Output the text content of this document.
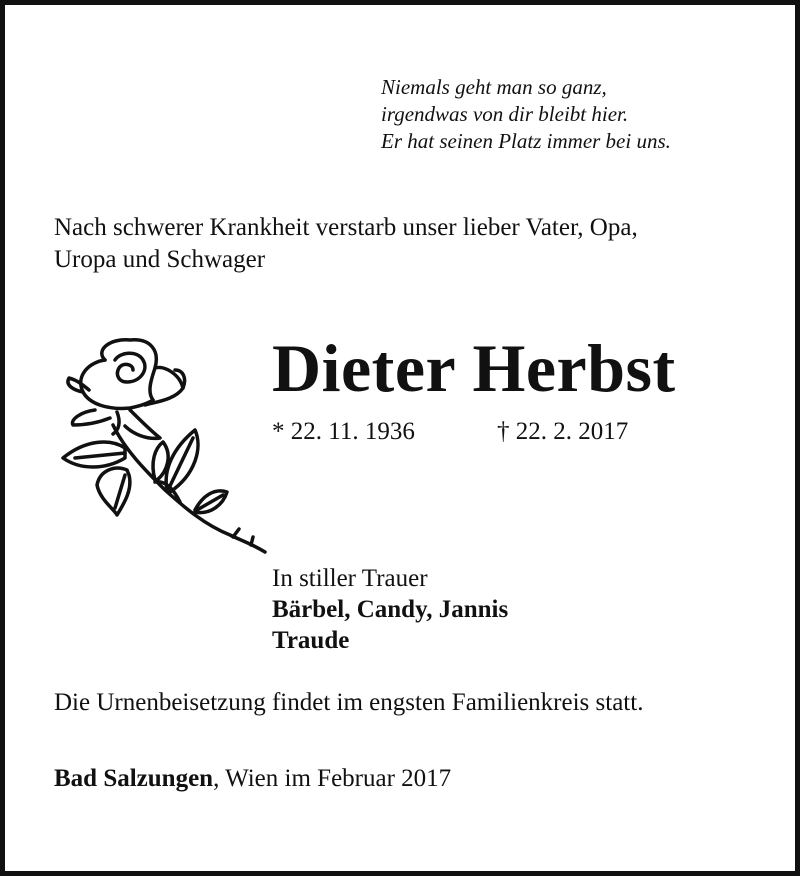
Niemals geht man so ganz,
irgendwas von dir bleibt hier.
Er hat seinen Platz immer bei uns.
Nach schwerer Krankheit verstarb unser lieber Vater, Opa,
Uropa und Schwager
Dieter Herbst
* 22. 11. 1936	† 22. 2. 2017
In stiller Trauer
Bärbel, Candy, Jannis
Traude
Die Urnenbeisetzung findet im engsten Familienkreis statt.
Bad Salzungen, Wien im Februar 2017
